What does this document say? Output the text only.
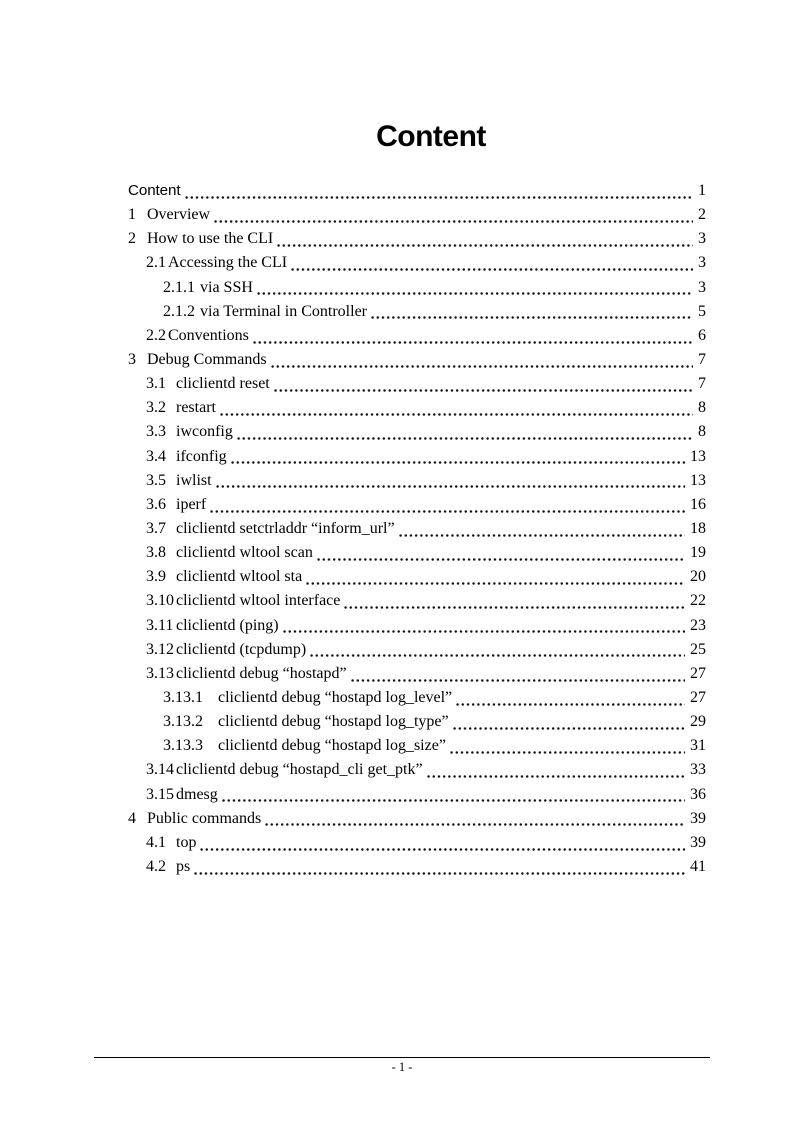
Content
Content	1
1 Overview	2
2 How to use the CLI	3
2.1 Accessing the CLI	3
2.1.1 via SSH	3
2.1.2 via Terminal in Controller	5
2.2 Conventions	6
3 Debug Commands	7
3.1 cliclientd reset	7
3.2 restart	8
3.3 iwconfig	8
3.4 ifconfig	13
3.5 iwlist	13
3.6 iperf	16
3.7 cliclientd setctrladdr “inform_url”	18
3.8 cliclientd wltool scan	19
3.9 cliclientd wltool sta	20
3.10 cliclientd wltool interface	22
3.11 cliclientd (ping)	23
3.12 cliclientd (tcpdump)	25
3.13 cliclientd debug “hostapd”	27
3.13.1 cliclientd debug “hostapd log_level”	27
3.13.2 cliclientd debug “hostapd log_type”	29
3.13.3 cliclientd debug “hostapd log_size”	31
3.14 cliclientd debug “hostapd_cli get_ptk”	33
3.15 dmesg	36
4 Public commands	39
4.1 top	39
4.2 ps	41
- 1 -
